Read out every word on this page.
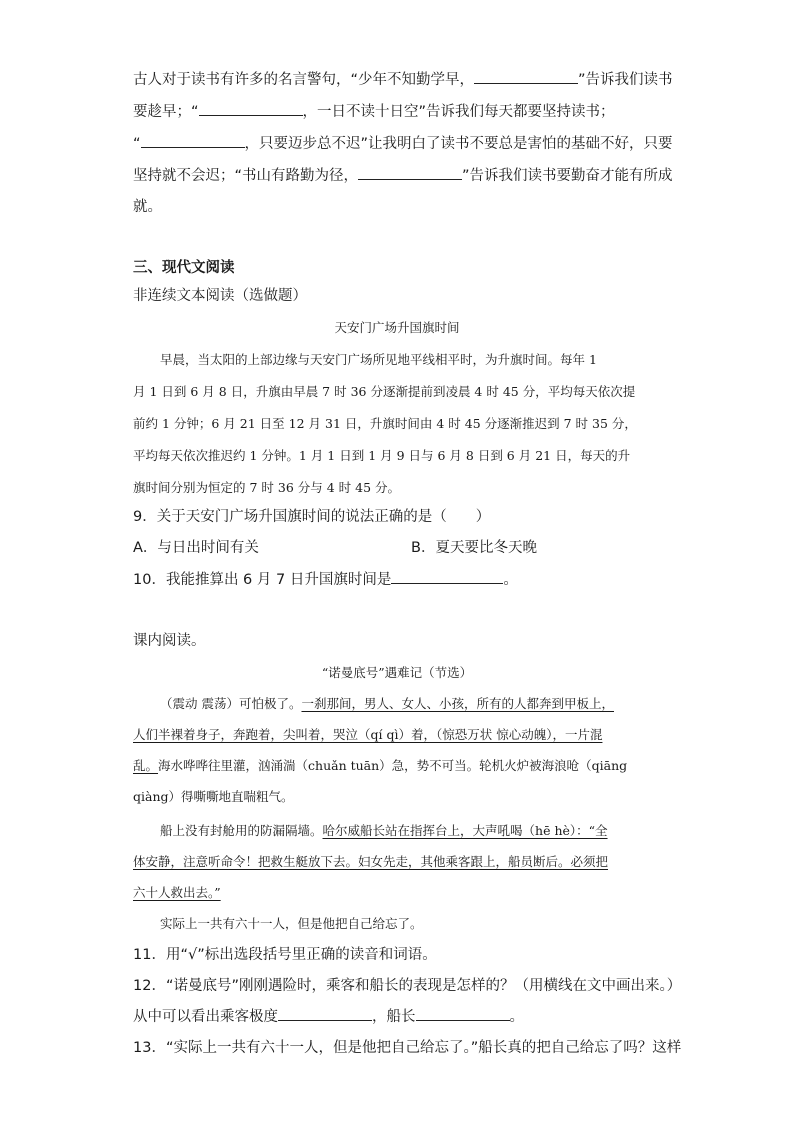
古人对于读书有许多的名言警句，“少年不知勤学早，	”告诉我们读书
要趁早；“	，一日不读十日空”告诉我们每天都要坚持读书；
“	，只要迈步总不迟”让我明白了读书不要总是害怕的基础不好，只要
坚持就不会迟；“书山有路勤为径，	”告诉我们读书要勤奋才能有所成
就。
三、现代文阅读
非连续文本阅读（选做题）
天安门广场升国旗时间
早晨，当太阳的上部边缘与天安门广场所见地平线相平时，为升旗时间。每年 1
月 1 日到 6 月 8 日，升旗由早晨 7 时 36 分逐渐提前到凌晨 4 时 45 分，平均每天依次提
前约 1 分钟；6 月 21 日至 12 月 31 日，升旗时间由 4 时 45 分逐渐推迟到 7 时 35 分，
平均每天依次推迟约 1 分钟。1 月 1 日到 1 月 9 日与 6 月 8 日到 6 月 21 日，每天的升
旗时间分别为恒定的 7 时 36 分与 4 时 45 分。
9．关于天安门广场升国旗时间的说法正确的是（　　）
A．与日出时间有关	B．夏天要比冬天晚
10．我能推算出 6 月 7 日升国旗时间是	。
课内阅读。
“诺曼底号”遇难记（节选）
（震动 震荡）可怕极了。一刹那间，男人、女人、小孩，所有的人都奔到甲板上，
人们半裸着身子，奔跑着，尖叫着，哭泣（qí qì）着，（惊恐万状 惊心动魄），一片混
乱。海水哗哗往里灌，汹涌湍（chuǎn tuān）急，势不可当。轮机火炉被海浪呛（qiāng
qiàng）得嘶嘶地直喘粗气。
船上没有封舱用的防漏隔墙。哈尔威船长站在指挥台上，大声吼喝（hē hè）：“全
体安静，注意听命令！把救生艇放下去。妇女先走，其他乘客跟上，船员断后。必须把
六十人救出去。”
实际上一共有六十一人，但是他把自己给忘了。
11．用“√”标出选段括号里正确的读音和词语。
12．“诺曼底号”刚刚遇险时，乘客和船长的表现是怎样的？（用横线在文中画出来。）
从中可以看出乘客极度	，船长	。
13．“实际上一共有六十一人，但是他把自己给忘了。”船长真的把自己给忘了吗？这样
